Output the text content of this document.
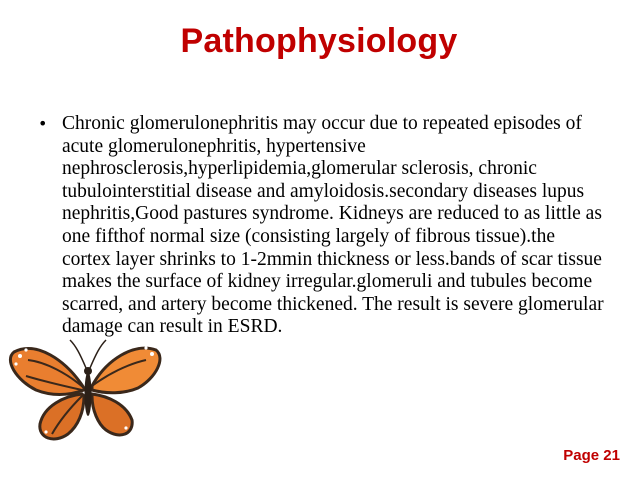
Pathophysiology
• Chronic glomerulonephritis may occur due to repeated episodes of acute glomerulonephritis, hypertensive nephrosclerosis,hyperlipidemia,glomerular sclerosis, chronic tubulointerstitial disease and amyloidosis.secondary diseases lupus nephritis,Good pastures syndrome. Kidneys are reduced to as little as one fifthof normal size (consisting largely of fibrous tissue).the cortex layer shrinks to 1-2mmin thickness or less.bands of scar tissue makes the surface of kidney irregular.glomeruli and tubules become scarred, and artery become thickened. The result is severe glomerular damage can result in ESRD.
Page 21
